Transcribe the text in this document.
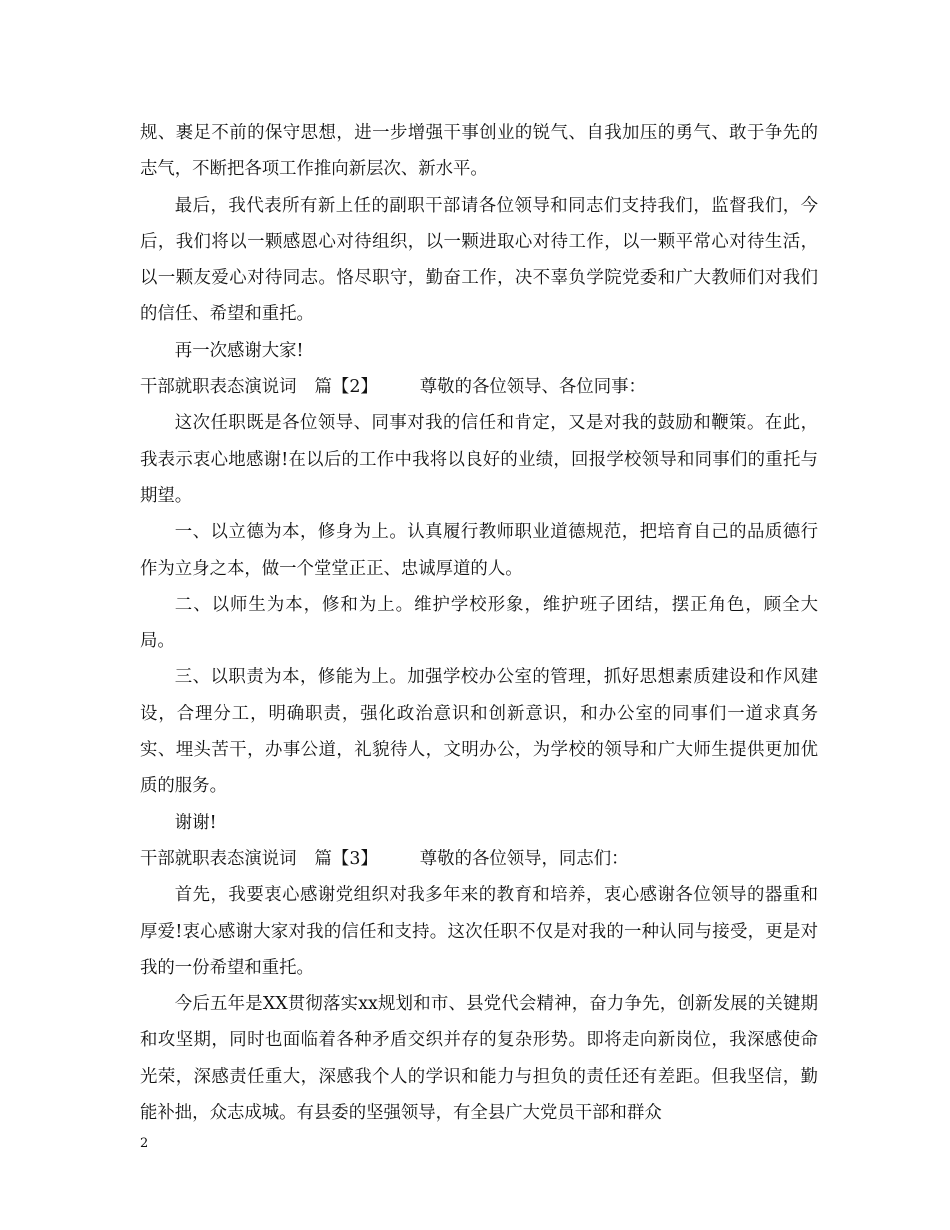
规、裹足不前的保守思想，进一步增强干事创业的锐气、自我加压的勇气、敢于争先的志气，不断把各项工作推向新层次、新水平。

最后，我代表所有新上任的副职干部请各位领导和同志们支持我们，监督我们，今后，我们将以一颗感恩心对待组织，以一颗进取心对待工作，以一颗平常心对待生活，以一颗友爱心对待同志。恪尽职守，勤奋工作，决不辜负学院党委和广大教师们对我们的信任、希望和重托。

再一次感谢大家!

干部就职表态演说词 篇【2】 尊敬的各位领导、各位同事：

这次任职既是各位领导、同事对我的信任和肯定，又是对我的鼓励和鞭策。在此，我表示衷心地感谢!在以后的工作中我将以良好的业绩，回报学校领导和同事们的重托与期望。

一、以立德为本，修身为上。认真履行教师职业道德规范，把培育自己的品质德行作为立身之本，做一个堂堂正正、忠诚厚道的人。

二、以师生为本，修和为上。维护学校形象，维护班子团结，摆正角色，顾全大局。

三、以职责为本，修能为上。加强学校办公室的管理，抓好思想素质建设和作风建设，合理分工，明确职责，强化政治意识和创新意识，和办公室的同事们一道求真务实、埋头苦干，办事公道，礼貌待人，文明办公，为学校的领导和广大师生提供更加优质的服务。

谢谢!

干部就职表态演说词 篇【3】 尊敬的各位领导，同志们：

首先，我要衷心感谢党组织对我多年来的教育和培养，衷心感谢各位领导的器重和厚爱!衷心感谢大家对我的信任和支持。这次任职不仅是对我的一种认同与接受，更是对我的一份希望和重托。

今后五年是XX贯彻落实xx规划和市、县党代会精神，奋力争先，创新发展的关键期和攻坚期，同时也面临着各种矛盾交织并存的复杂形势。即将走向新岗位，我深感使命光荣，深感责任重大，深感我个人的学识和能力与担负的责任还有差距。但我坚信，勤能补拙，众志成城。有县委的坚强领导，有全县广大党员干部和群众

2
